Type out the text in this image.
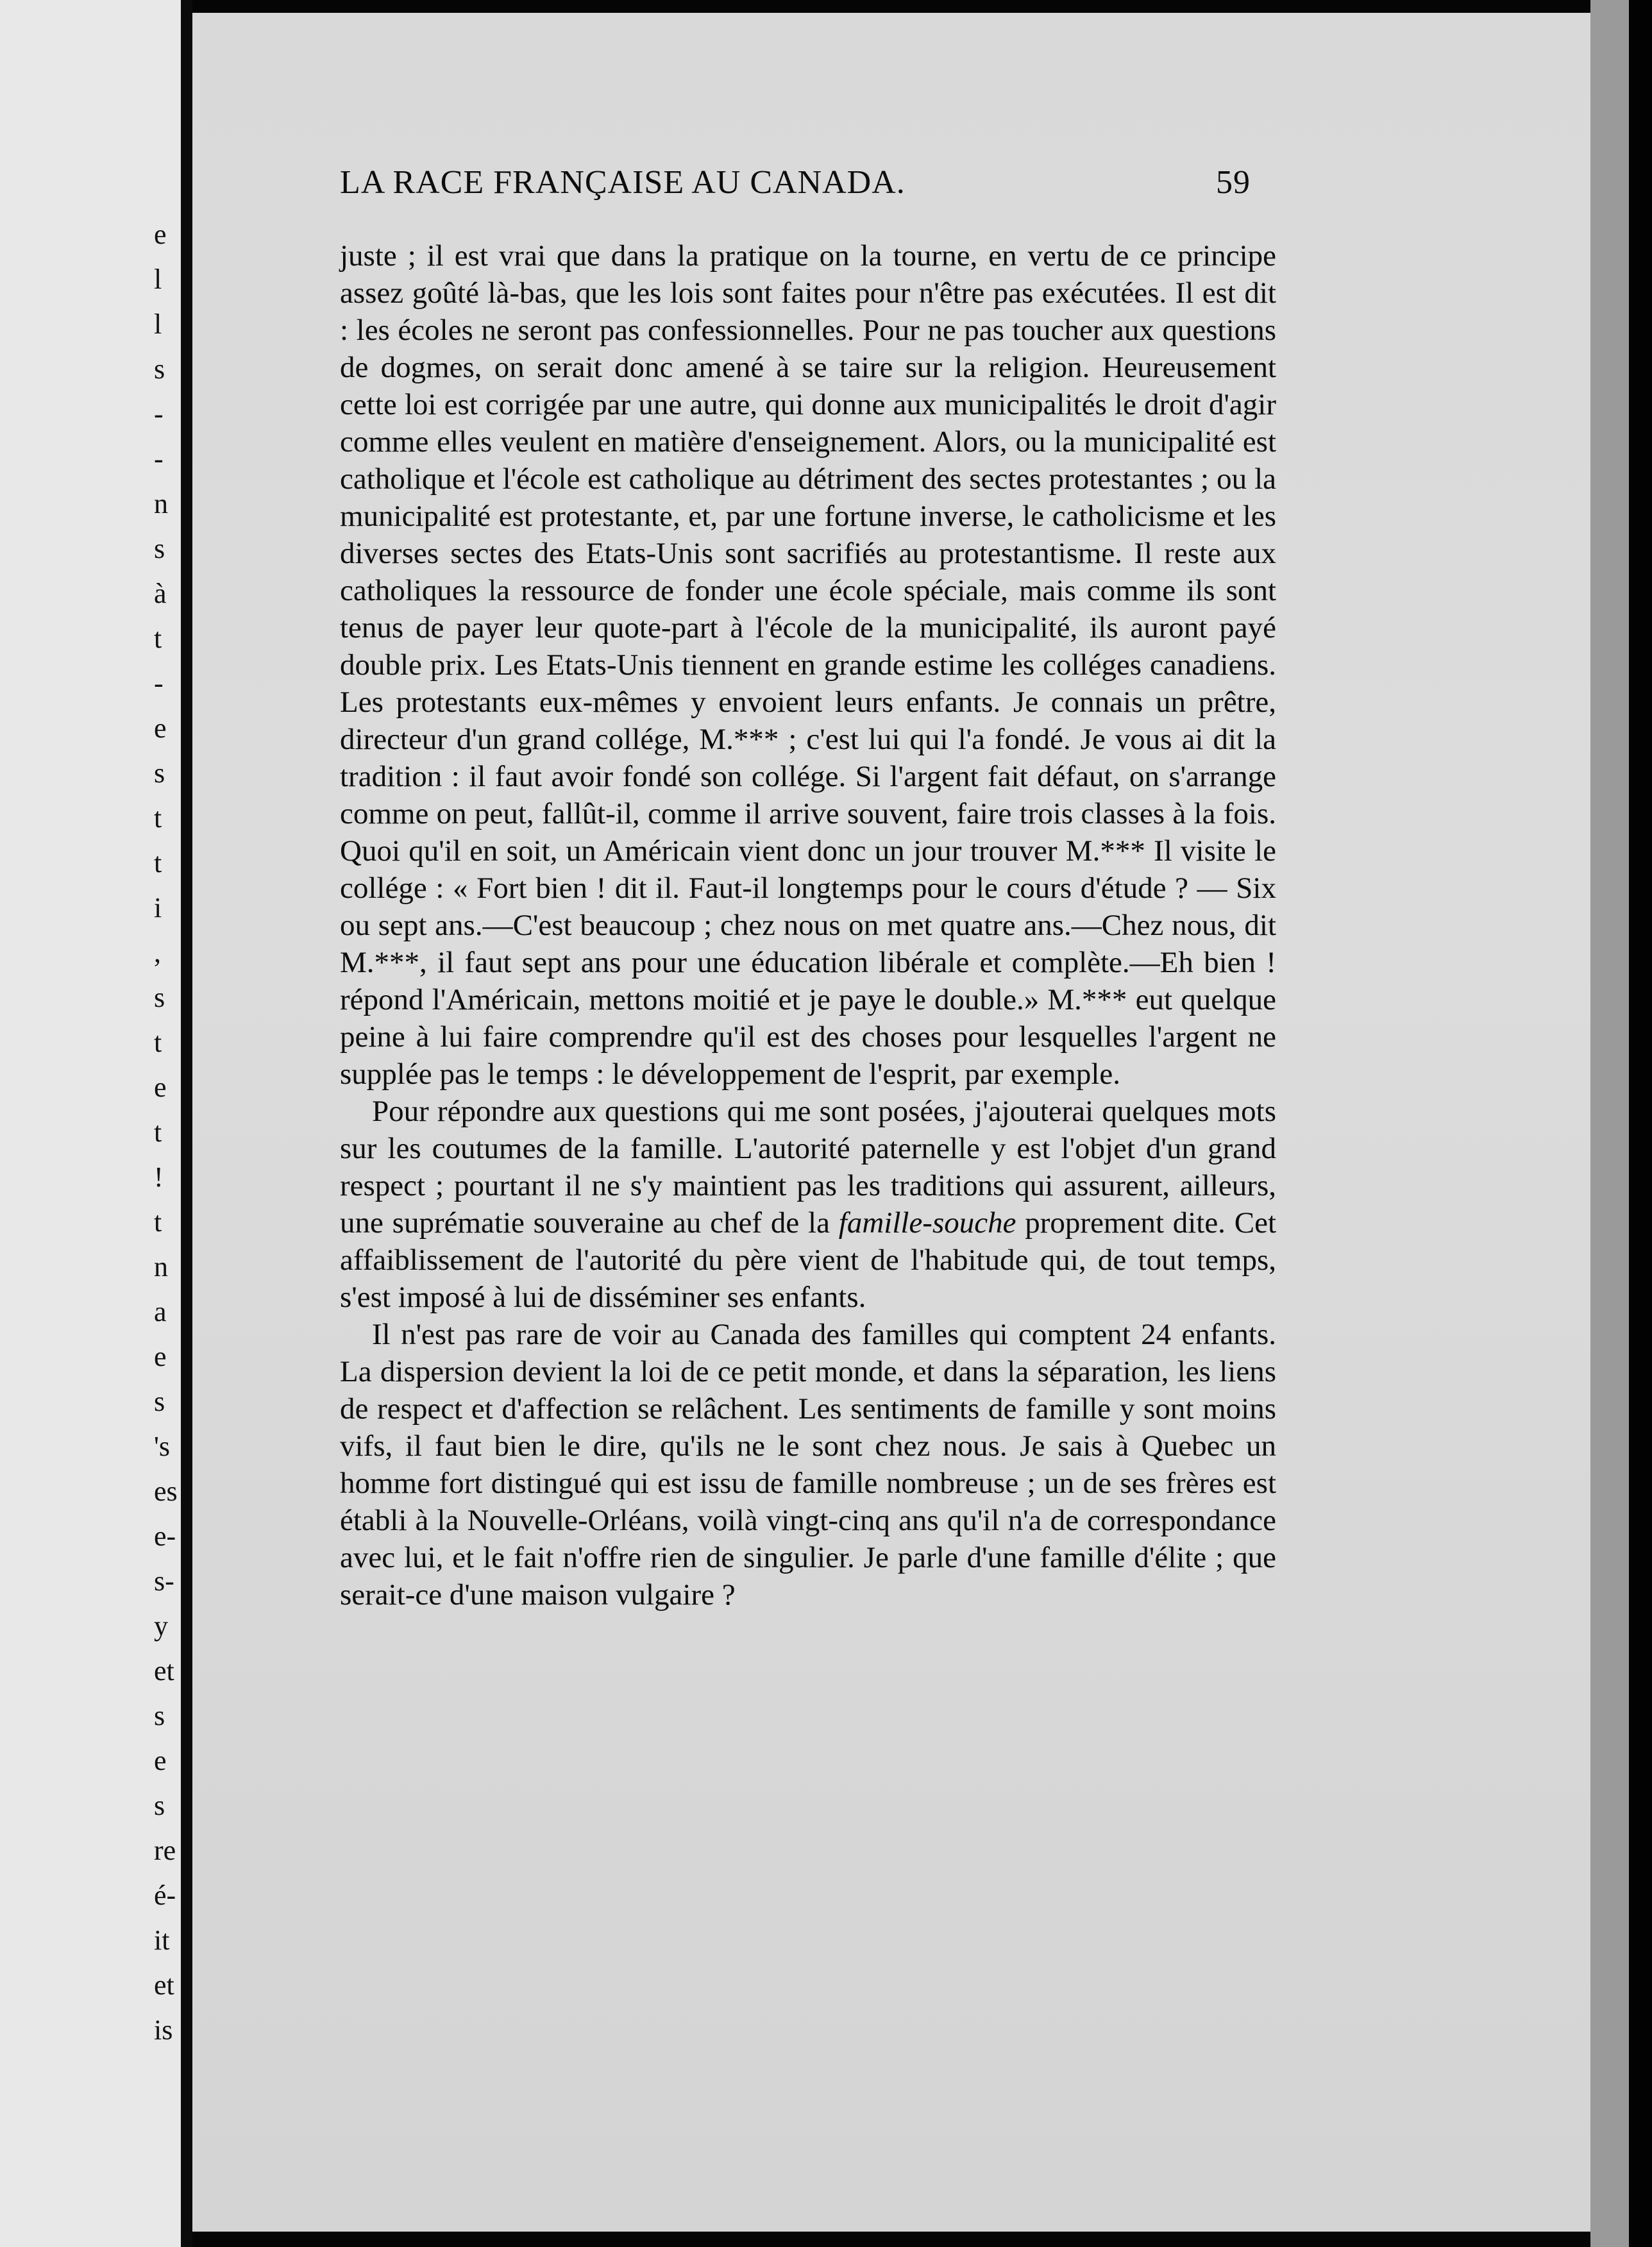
e
l
l
s
-
-
n
s
à
t
-
e
s
t
t
i
,
s
t
e
t
!
t
n
a
e
s
's
es
e-
s-
y
et
s
e
s
re
é-
it
et
is
LA RACE FRANÇAISE AU CANADA.	59

juste ; il est vrai que dans la pratique on la tourne, en vertu de ce principe assez goûté là-bas, que les lois sont faites pour n'être pas exécutées. Il est dit : les écoles ne seront pas confessionnelles. Pour ne pas toucher aux questions de dogmes, on serait donc amené à se taire sur la religion. Heureusement cette loi est corrigée par une autre, qui donne aux municipalités le droit d'agir comme elles veulent en matière d'enseignement. Alors, ou la municipalité est catholique et l'école est catholique au détriment des sectes protestantes ; ou la municipalité est protestante, et, par une fortune inverse, le catholicisme et les diverses sectes des Etats-Unis sont sacrifiés au protestantisme. Il reste aux catholiques la ressource de fonder une école spéciale, mais comme ils sont tenus de payer leur quote-part à l'école de la municipalité, ils auront payé double prix. Les Etats-Unis tiennent en grande estime les colléges canadiens. Les protestants eux-mêmes y envoient leurs enfants. Je connais un prêtre, directeur d'un grand collége, M.*** ; c'est lui qui l'a fondé. Je vous ai dit la tradition : il faut avoir fondé son collége. Si l'argent fait défaut, on s'arrange comme on peut, fallût-il, comme il arrive souvent, faire trois classes à la fois. Quoi qu'il en soit, un Américain vient donc un jour trouver M.*** Il visite le collége : « Fort bien ! dit il. Faut-il longtemps pour le cours d'étude ? — Six ou sept ans.—C'est beaucoup ; chez nous on met quatre ans.—Chez nous, dit M.***, il faut sept ans pour une éducation libérale et complète.—Eh bien ! répond l'Américain, mettons moitié et je paye le double.» M.*** eut quelque peine à lui faire comprendre qu'il est des choses pour lesquelles l'argent ne supplée pas le temps : le développement de l'esprit, par exemple.

Pour répondre aux questions qui me sont posées, j'ajouterai quelques mots sur les coutumes de la famille. L'autorité paternelle y est l'objet d'un grand respect ; pourtant il ne s'y maintient pas les traditions qui assurent, ailleurs, une suprématie souveraine au chef de la famille-souche proprement dite. Cet affaiblissement de l'autorité du père vient de l'habitude qui, de tout temps, s'est imposé à lui de disséminer ses enfants.

Il n'est pas rare de voir au Canada des familles qui comptent 24 enfants. La dispersion devient la loi de ce petit monde, et dans la séparation, les liens de respect et d'affection se relâchent. Les sentiments de famille y sont moins vifs, il faut bien le dire, qu'ils ne le sont chez nous. Je sais à Quebec un homme fort distingué qui est issu de famille nombreuse ; un de ses frères est établi à la Nouvelle-Orléans, voilà vingt-cinq ans qu'il n'a de correspondance avec lui, et le fait n'offre rien de singulier. Je parle d'une famille d'élite ; que serait-ce d'une maison vulgaire ?
